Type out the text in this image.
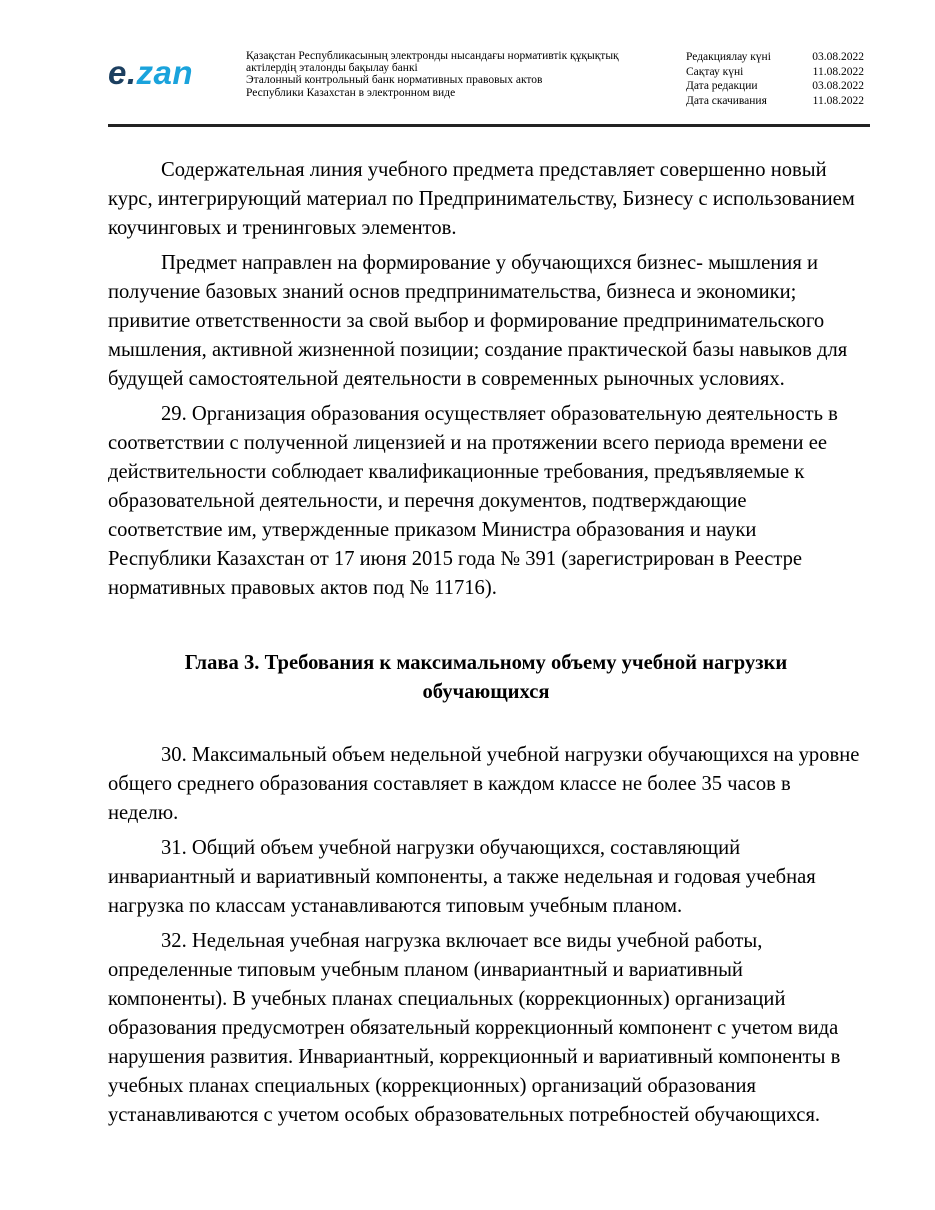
e.zan	Қазақстан Республикасының электронды нысандағы нормативтік құқықтық
актілердің эталонды бақылау банкі
Эталонный контрольный банк нормативных правовых актов
Республики Казахстан в электронном виде
Редакциялау күні	03.08.2022
Сақтау күні	11.08.2022
Дата редакции	03.08.2022
Дата скачивания	11.08.2022

Содержательная линия учебного предмета представляет совершенно новый курс, интегрирующий материал по Предпринимательству, Бизнесу с использованием коучинговых и тренинговых элементов.

Предмет направлен на формирование у обучающихся бизнес- мышления и получение базовых знаний основ предпринимательства, бизнеса и экономики; привитие ответственности за свой выбор и формирование предпринимательского мышления, активной жизненной позиции; создание практической базы навыков для будущей самостоятельной деятельности в современных рыночных условиях.

29. Организация образования осуществляет образовательную деятельность в соответствии с полученной лицензией и на протяжении всего периода времени ее действительности соблюдает квалификационные требования, предъявляемые к образовательной деятельности, и перечня документов, подтверждающие соответствие им, утвержденные приказом Министра образования и науки Республики Казахстан от 17 июня 2015 года № 391 (зарегистрирован в Реестре нормативных правовых актов под № 11716).

Глава 3. Требования к максимальному объему учебной нагрузки
обучающихся

30. Максимальный объем недельной учебной нагрузки обучающихся на уровне общего среднего образования составляет в каждом классе не более 35 часов в неделю.

31. Общий объем учебной нагрузки обучающихся, составляющий инвариантный и вариативный компоненты, а также недельная и годовая учебная нагрузка по классам устанавливаются типовым учебным планом.

32. Недельная учебная нагрузка включает все виды учебной работы, определенные типовым учебным планом (инвариантный и вариативный компоненты). В учебных планах специальных (коррекционных) организаций образования предусмотрен обязательный коррекционный компонент с учетом вида нарушения развития. Инвариантный, коррекционный и вариативный компоненты в учебных планах специальных (коррекционных) организаций образования устанавливаются с учетом особых образовательных потребностей обучающихся.
